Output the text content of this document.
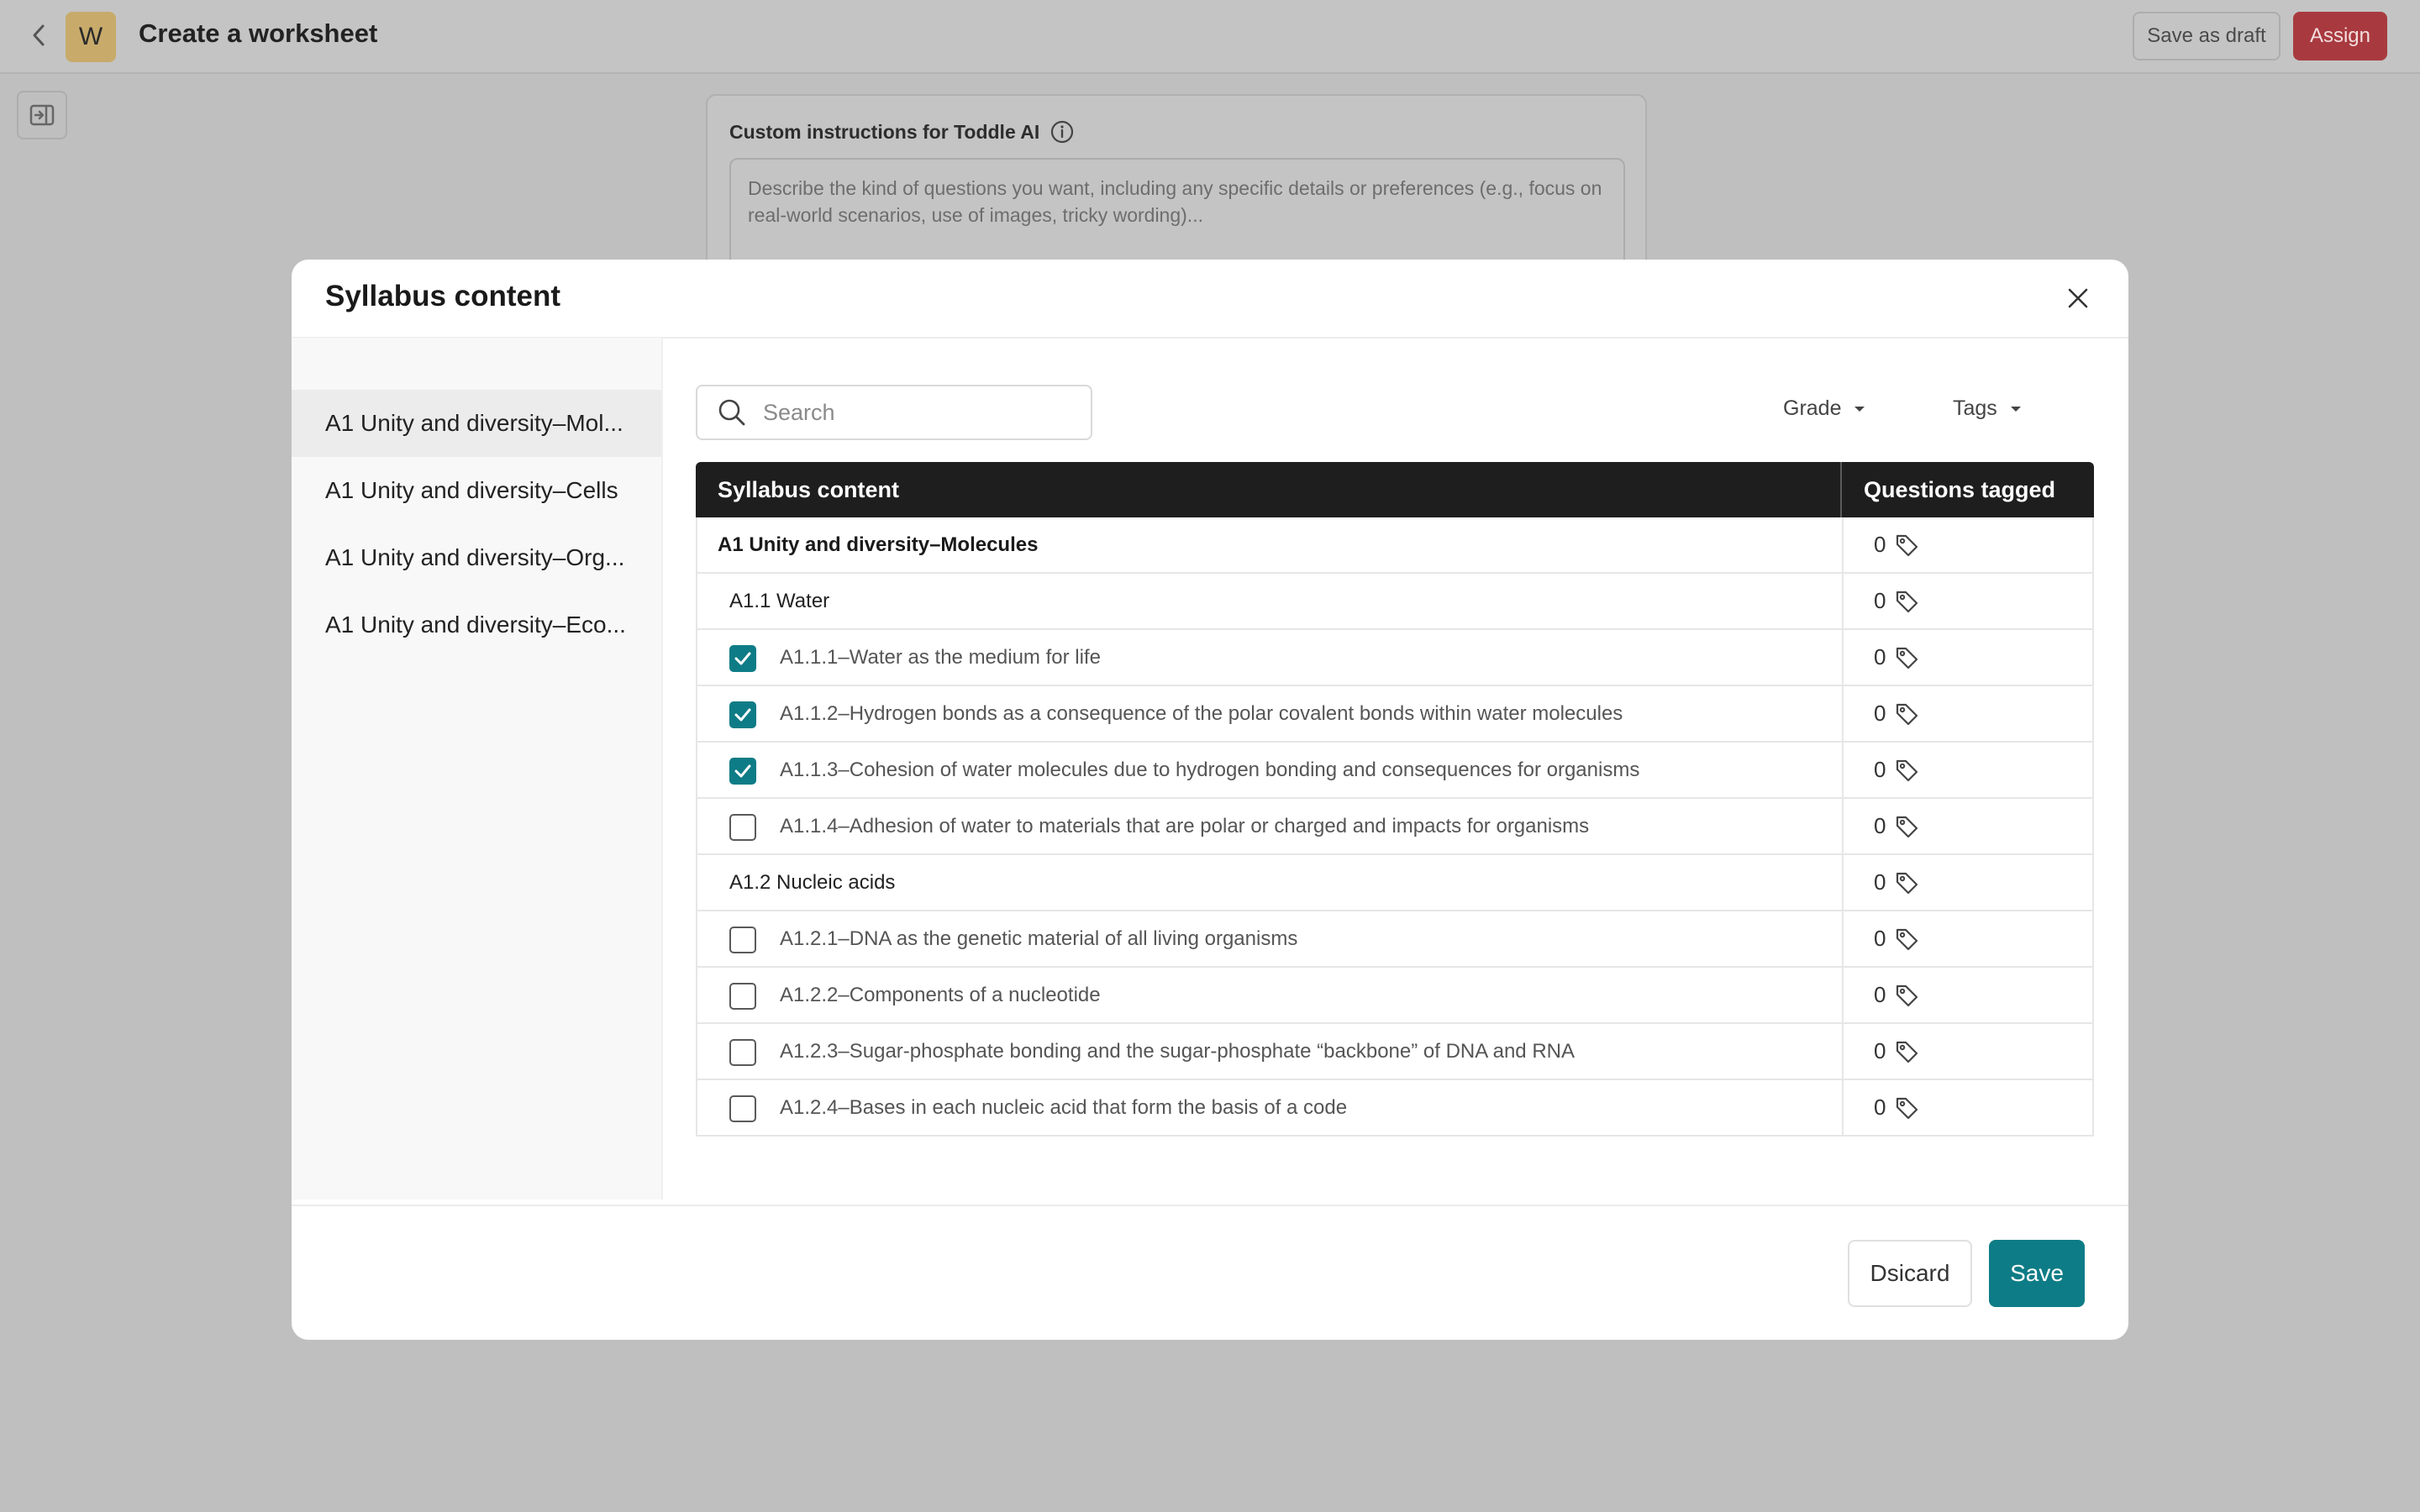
W	Create a worksheet	Save as draft	Assign
Custom instructions for Toddle AI
Describe the kind of questions you want, including any specific details or preferences (e.g., focus on real-world scenarios, use of images, tricky wording)...
Syllabus content
A1 Unity and diversity–Mol...
A1 Unity and diversity–Cells
A1 Unity and diversity–Org...
A1 Unity and diversity–Eco...
Search	Grade	Tags
Syllabus content	Questions tagged
A1 Unity and diversity–Molecules	0
A1.1 Water	0
A1.1.1–Water as the medium for life	0
A1.1.2–Hydrogen bonds as a consequence of the polar covalent bonds within water molecules	0
A1.1.3–Cohesion of water molecules due to hydrogen bonding and consequences for organisms	0
A1.1.4–Adhesion of water to materials that are polar or charged and impacts for organisms	0
A1.2 Nucleic acids	0
A1.2.1–DNA as the genetic material of all living organisms	0
A1.2.2–Components of a nucleotide	0
A1.2.3–Sugar-phosphate bonding and the sugar-phosphate “backbone” of DNA and RNA	0
A1.2.4–Bases in each nucleic acid that form the basis of a code	0
Dsicard	Save
